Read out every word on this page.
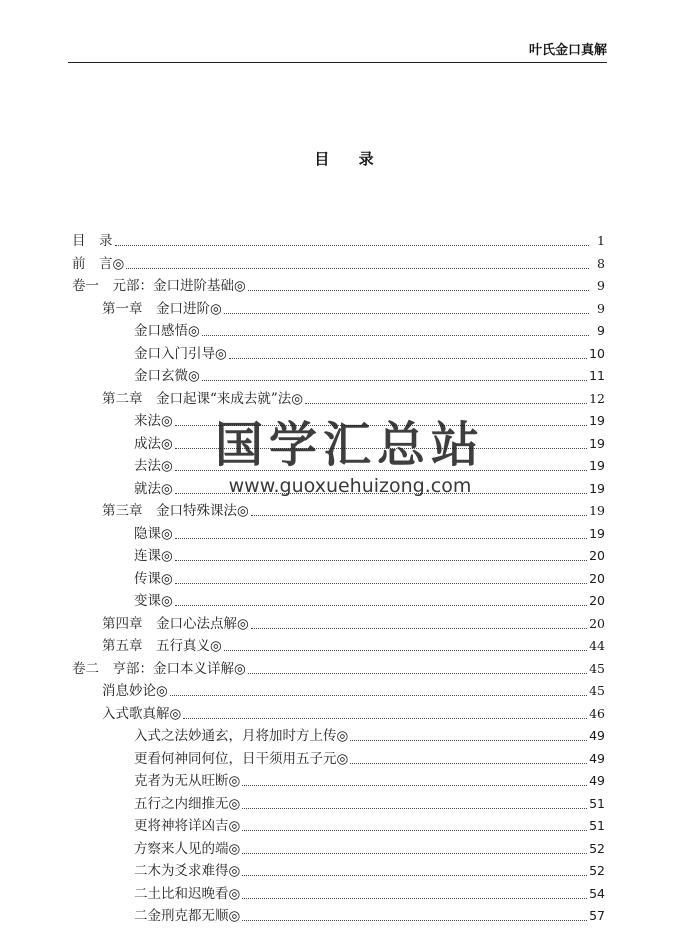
叶氏金口真解
目 录
目　录	1
前　言◎	8
卷一　元部：金口进阶基础◎	9
第一章　金口进阶◎	9
金口感悟◎	9
金口入门引导◎	10
金口玄微◎	11
第二章　金口起课“来成去就”法◎	12
来法◎	19
成法◎	19
去法◎	19
就法◎	19
第三章　金口特殊课法◎	19
隐课◎	19
连课◎	20
传课◎	20
变课◎	20
第四章　金口心法点解◎	20
第五章　五行真义◎	44
卷二　亨部：金口本义详解◎	45
消息妙论◎	45
入式歌真解◎	46
入式之法妙通玄，月将加时方上传◎	49
更看何神同何位，日干须用五子元◎	49
克者为无从旺断◎	49
五行之内细推无◎	51
更将神将详凶吉◎	51
方察来人见的端◎	52
二木为爻求难得◎	52
二土比和迟晚看◎	54
二金刑克都无顺◎	57
国学汇总站
www.guoxuehuizong.com
